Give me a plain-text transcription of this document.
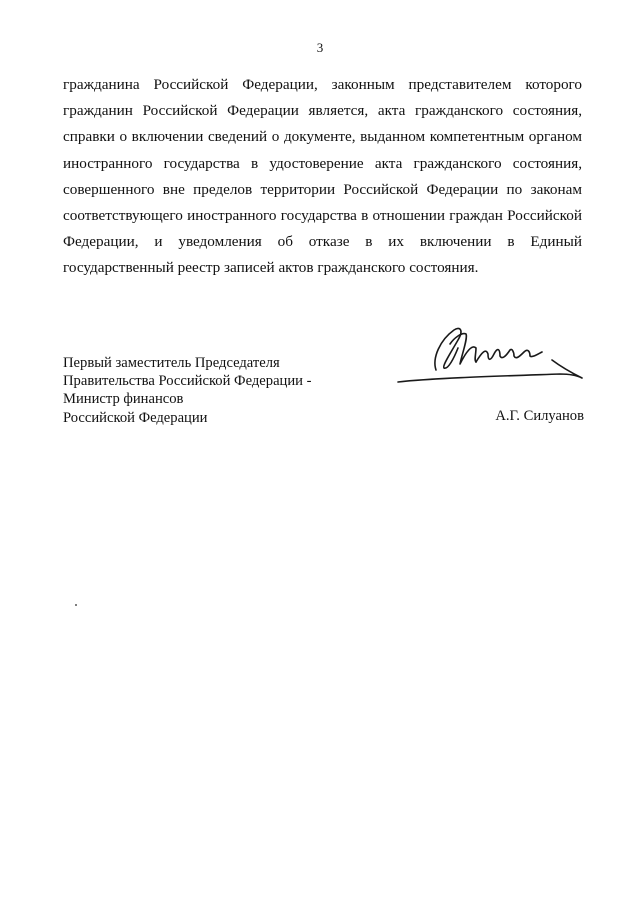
3

гражданина Российской Федерации, законным представителем которого гражданин Российской Федерации является, акта гражданского состояния, справки о включении сведений о документе, выданном компетентным органом иностранного государства в удостоверение акта гражданского состояния, совершенного вне пределов территории Российской Федерации по законам соответствующего иностранного государства в отношении граждан Российской Федерации, и уведомления об отказе в их включении в Единый государственный реестр записей актов гражданского состояния.

Первый заместитель Председателя
Правительства Российской Федерации -
Министр финансов
Российской Федерации	А.Г. Силуанов
